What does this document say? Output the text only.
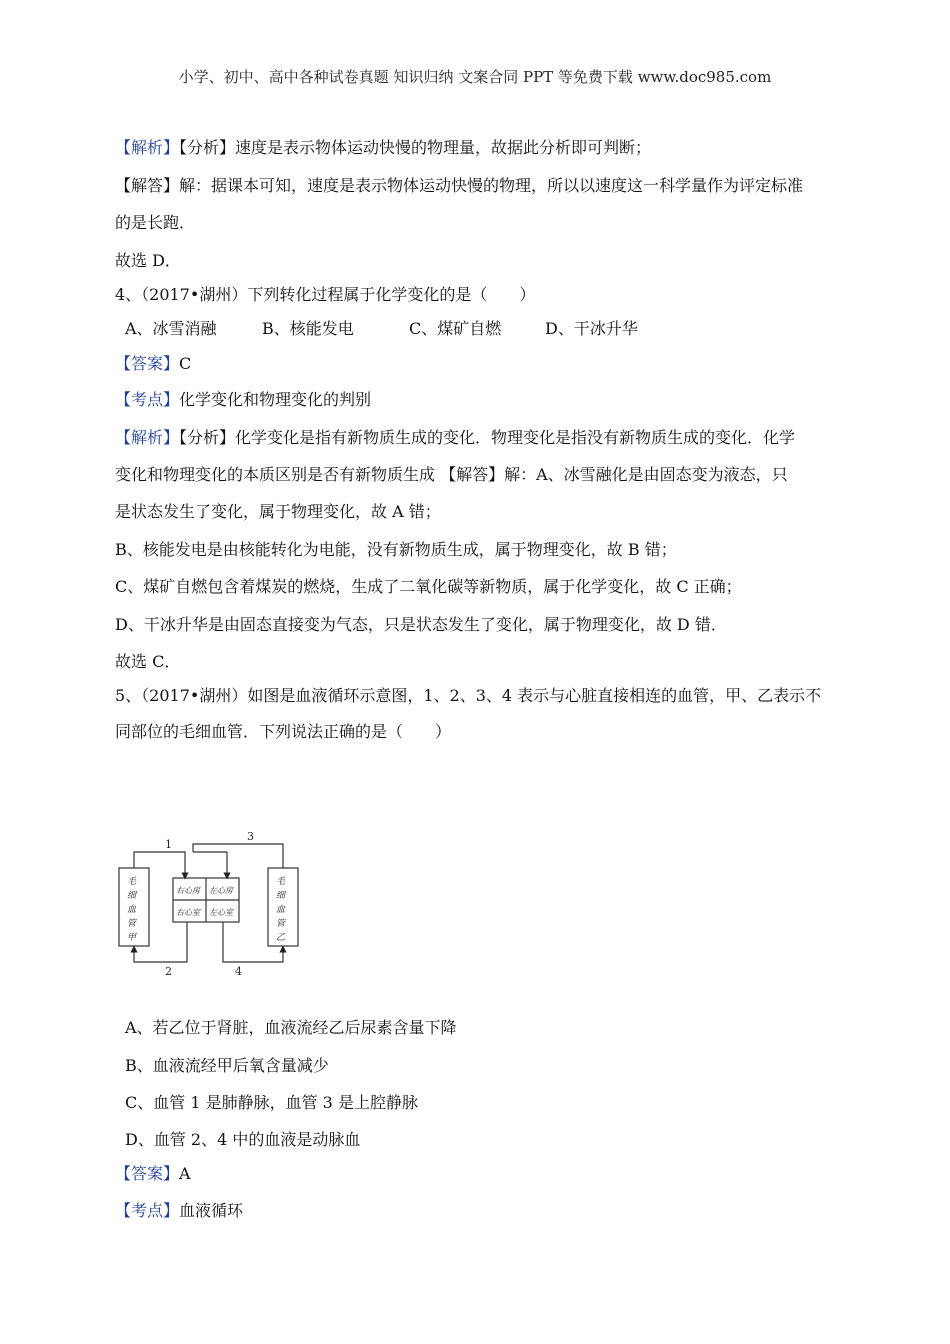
小学、初中、高中各种试卷真题 知识归纳 文案合同 PPT 等免费下载 www.doc985.com
【解析】【分析】速度是表示物体运动快慢的物理量，故据此分析即可判断；
【解答】解：据课本可知，速度是表示物体运动快慢的物理，所以以速度这一科学量作为评定标准
的是长跑．
故选 D．
4、（2017•湖州）下列转化过程属于化学变化的是（　　）
A、冰雪消融	B、核能发电	C、煤矿自燃	D、干冰升华
【答案】C
【考点】化学变化和物理变化的判别
【解析】【分析】化学变化是指有新物质生成的变化．物理变化是指没有新物质生成的变化．化学
变化和物理变化的本质区别是否有新物质生成 【解答】解：A、冰雪融化是由固态变为液态，只
是状态发生了变化，属于物理变化，故 A 错；
B、核能发电是由核能转化为电能，没有新物质生成，属于物理变化，故 B 错；
C、煤矿自燃包含着煤炭的燃烧，生成了二氧化碳等新物质，属于化学变化，故 C 正确；
D、干冰升华是由固态直接变为气态，只是状态发生了变化，属于物理变化，故 D 错．
故选 C．
5、（2017•湖州）如图是血液循环示意图，1、2、3、4 表示与心脏直接相连的血管，甲、乙表示不
同部位的毛细血管．下列说法正确的是（　　）
毛
细
血
管
甲
毛
细
血
管
乙
右心房 左心房
右心室 左心室
1
2
3
4
A、若乙位于肾脏，血液流经乙后尿素含量下降
B、血液流经甲后氧含量减少
C、血管 1 是肺静脉，血管 3 是上腔静脉
D、血管 2、4 中的血液是动脉血
【答案】A
【考点】血液循环
